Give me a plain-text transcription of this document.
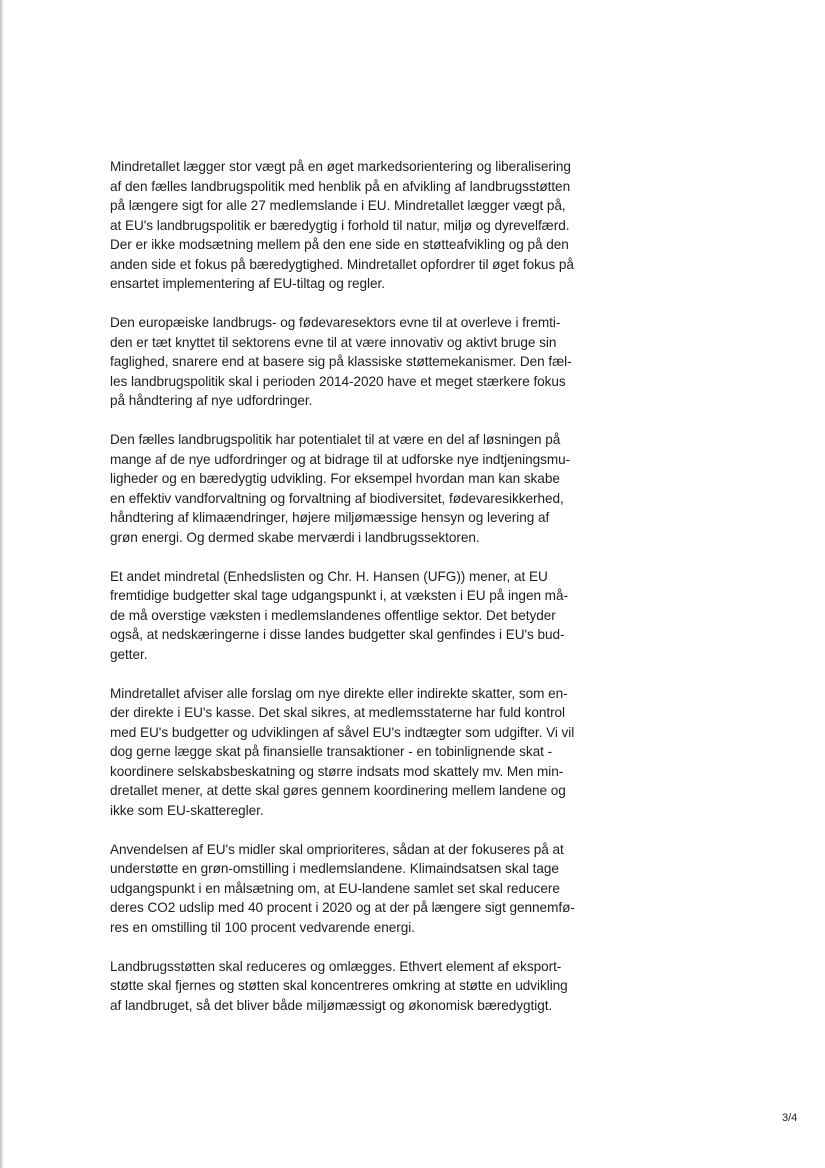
Mindretallet lægger stor vægt på en øget markedsorientering og liberalisering
af den fælles landbrugspolitik med henblik på en afvikling af landbrugsstøtten
på længere sigt for alle 27 medlemslande i EU. Mindretallet lægger vægt på,
at EU's landbrugspolitik er bæredygtig i forhold til natur, miljø og dyrevelfærd.
Der er ikke modsætning mellem på den ene side en støtteafvikling og på den
anden side et fokus på bæredygtighed. Mindretallet opfordrer til øget fokus på
ensartet implementering af EU-tiltag og regler.

Den europæiske landbrugs- og fødevaresektors evne til at overleve i fremti-
den er tæt knyttet til sektorens evne til at være innovativ og aktivt bruge sin
faglighed, snarere end at basere sig på klassiske støttemekanismer. Den fæl-
les landbrugspolitik skal i perioden 2014-2020 have et meget stærkere fokus
på håndtering af nye udfordringer.

Den fælles landbrugspolitik har potentialet til at være en del af løsningen på
mange af de nye udfordringer og at bidrage til at udforske nye indtjeningsmu-
ligheder og en bæredygtig udvikling. For eksempel hvordan man kan skabe
en effektiv vandforvaltning og forvaltning af biodiversitet, fødevaresikkerhed,
håndtering af klimaændringer, højere miljømæssige hensyn og levering af
grøn energi. Og dermed skabe merværdi i landbrugssektoren.

Et andet mindretal (Enhedslisten og Chr. H. Hansen (UFG)) mener, at EU
fremtidige budgetter skal tage udgangspunkt i, at væksten i EU på ingen må-
de må overstige væksten i medlemslandenes offentlige sektor. Det betyder
også, at nedskæringerne i disse landes budgetter skal genfindes i EU's bud-
getter.

Mindretallet afviser alle forslag om nye direkte eller indirekte skatter, som en-
der direkte i EU's kasse. Det skal sikres, at medlemsstaterne har fuld kontrol
med EU's budgetter og udviklingen af såvel EU's indtægter som udgifter. Vi vil
dog gerne lægge skat på finansielle transaktioner - en tobinlignende skat -
koordinere selskabsbeskatning og større indsats mod skattely mv. Men min-
dretallet mener, at dette skal gøres gennem koordinering mellem landene og
ikke som EU-skatteregler.

Anvendelsen af EU's midler skal omprioriteres, sådan at der fokuseres på at
understøtte en grøn-omstilling i medlemslandene. Klimaindsatsen skal tage
udgangspunkt i en målsætning om, at EU-landene samlet set skal reducere
deres CO2 udslip med 40 procent i 2020 og at der på længere sigt gennemfø-
res en omstilling til 100 procent vedvarende energi.

Landbrugsstøtten skal reduceres og omlægges. Ethvert element af eksport-
støtte skal fjernes og støtten skal koncentreres omkring at støtte en udvikling
af landbruget, så det bliver både miljømæssigt og økonomisk bæredygtigt.

3/4
